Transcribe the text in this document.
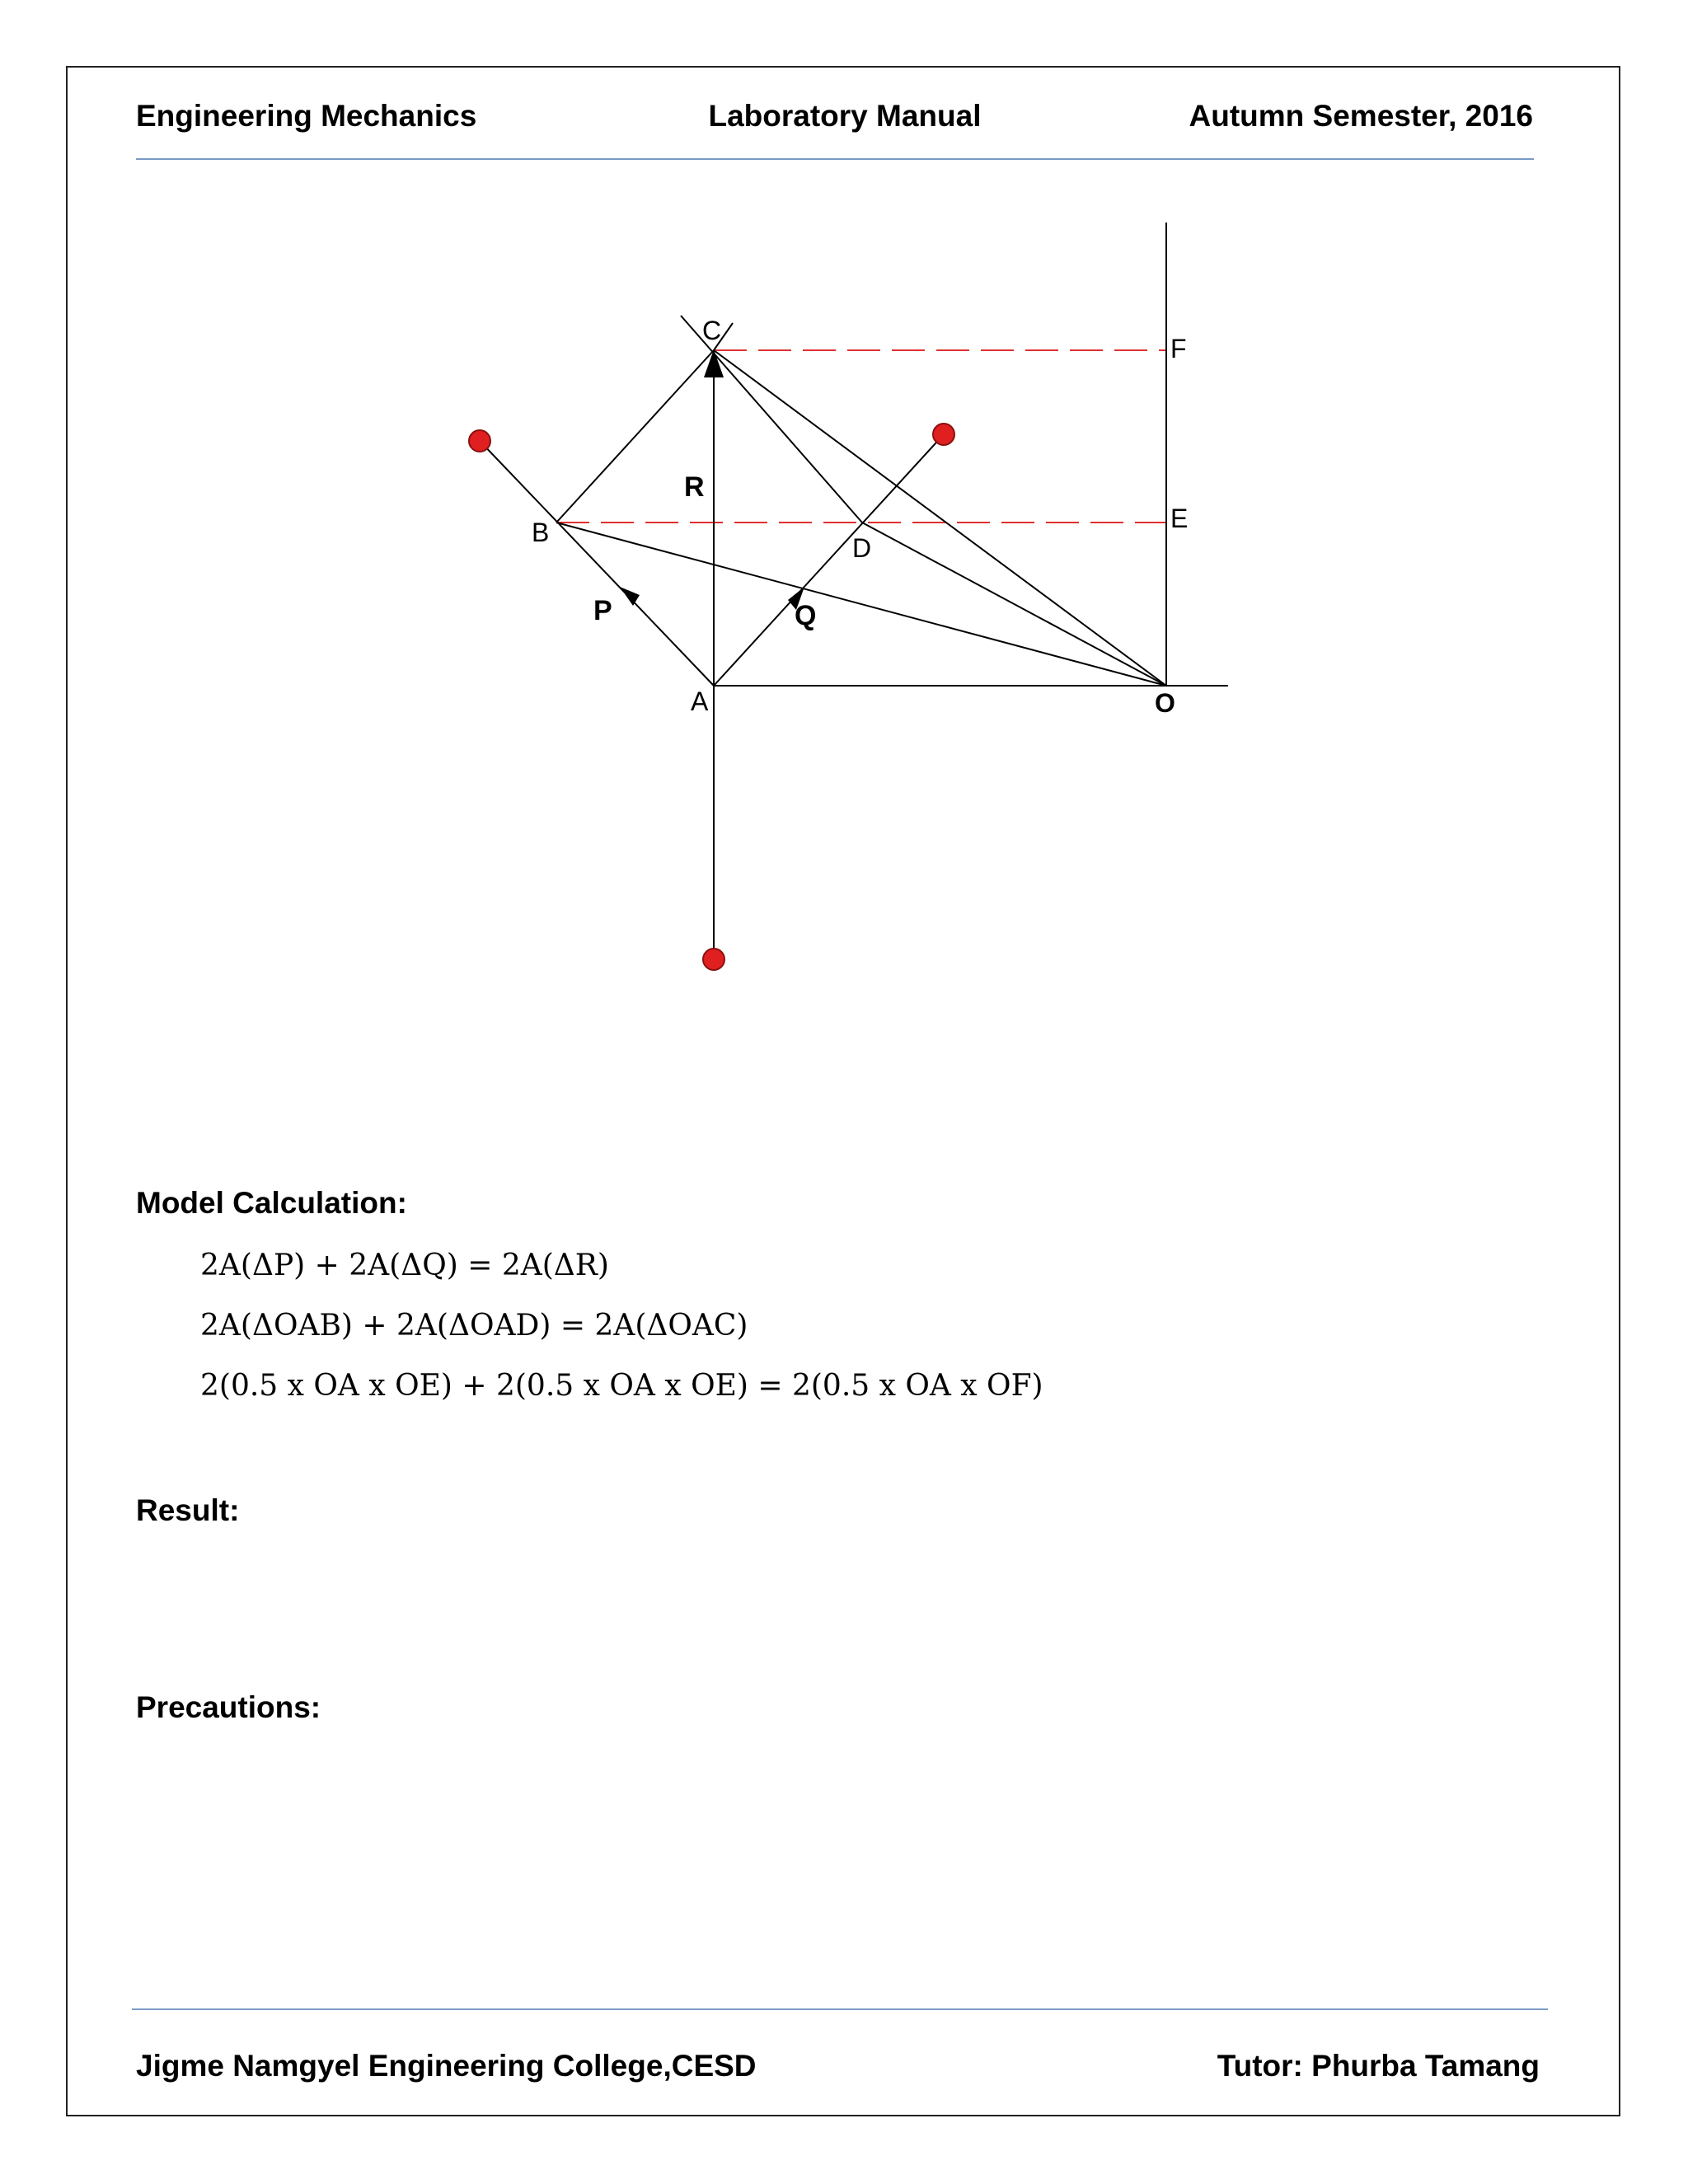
Engineering Mechanics	Laboratory Manual	Autumn Semester, 2016
C
F
E
B
D
A	O
R
P	Q
Model Calculation:
2A(ΔP) + 2A(ΔQ) = 2A(ΔR)
2A(ΔOAB) + 2A(ΔOAD) = 2A(ΔOAC)
2(0.5 x OA x OE) + 2(0.5 x OA x OE) = 2(0.5 x OA x OF)
Result:
Precautions:
Jigme Namgyel Engineering College,CESD	Tutor: Phurba Tamang
